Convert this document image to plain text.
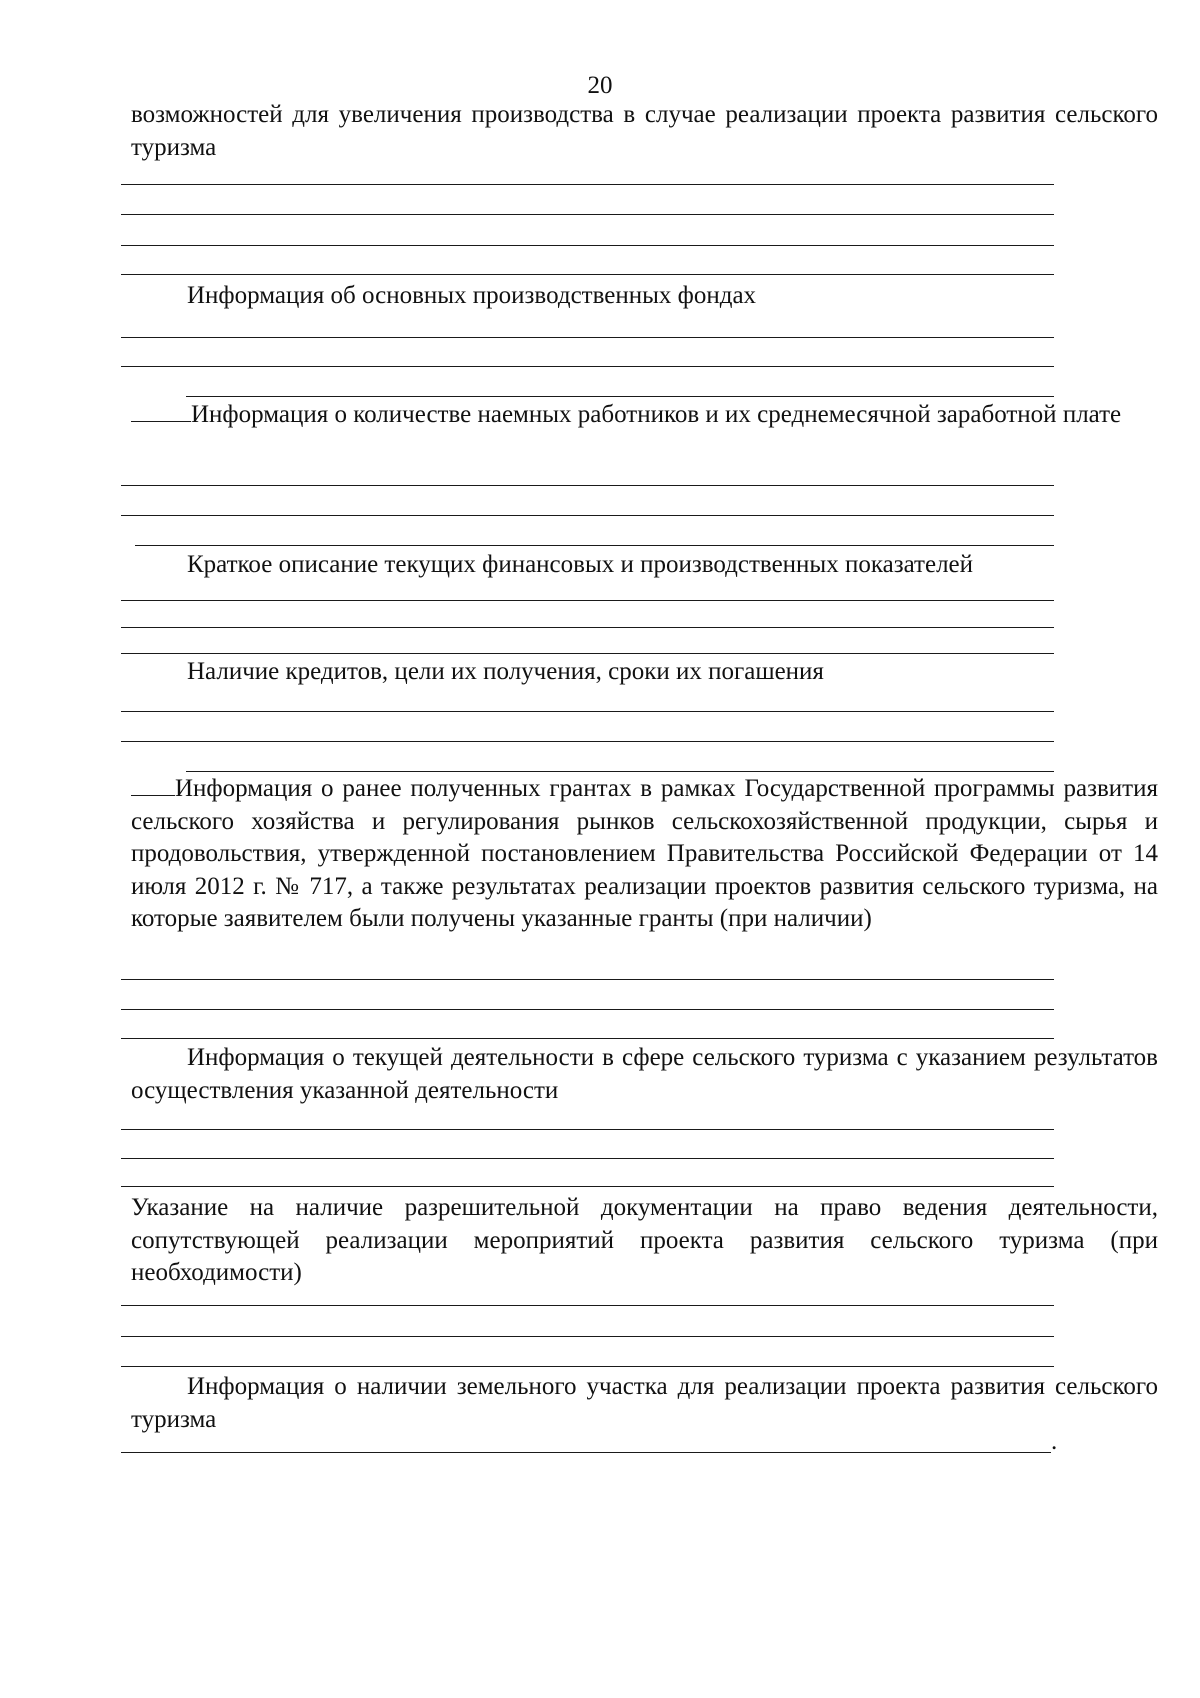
20

возможностей для увеличения производства в случае реализации проекта развития сельского туризма

Информация об основных производственных фондах

Информация о количестве наемных работников и их среднемесячной заработной плате

Краткое описание текущих финансовых и производственных показателей

Наличие кредитов, цели их получения, сроки их погашения

Информация о ранее полученных грантах в рамках Государственной программы развития сельского хозяйства и регулирования рынков сельскохозяйственной продукции, сырья и продовольствия, утвержденной постановлением Правительства Российской Федерации от 14 июля 2012 г. № 717, а также результатах реализации проектов развития сельского туризма, на которые заявителем были получены указанные гранты (при наличии)

Информация о текущей деятельности в сфере сельского туризма с указанием результатов осуществления указанной деятельности

Указание на наличие разрешительной документации на право ведения деятельности, сопутствующей реализации мероприятий проекта развития сельского туризма (при необходимости)

Информация о наличии земельного участка для реализации проекта развития сельского туризма

.
